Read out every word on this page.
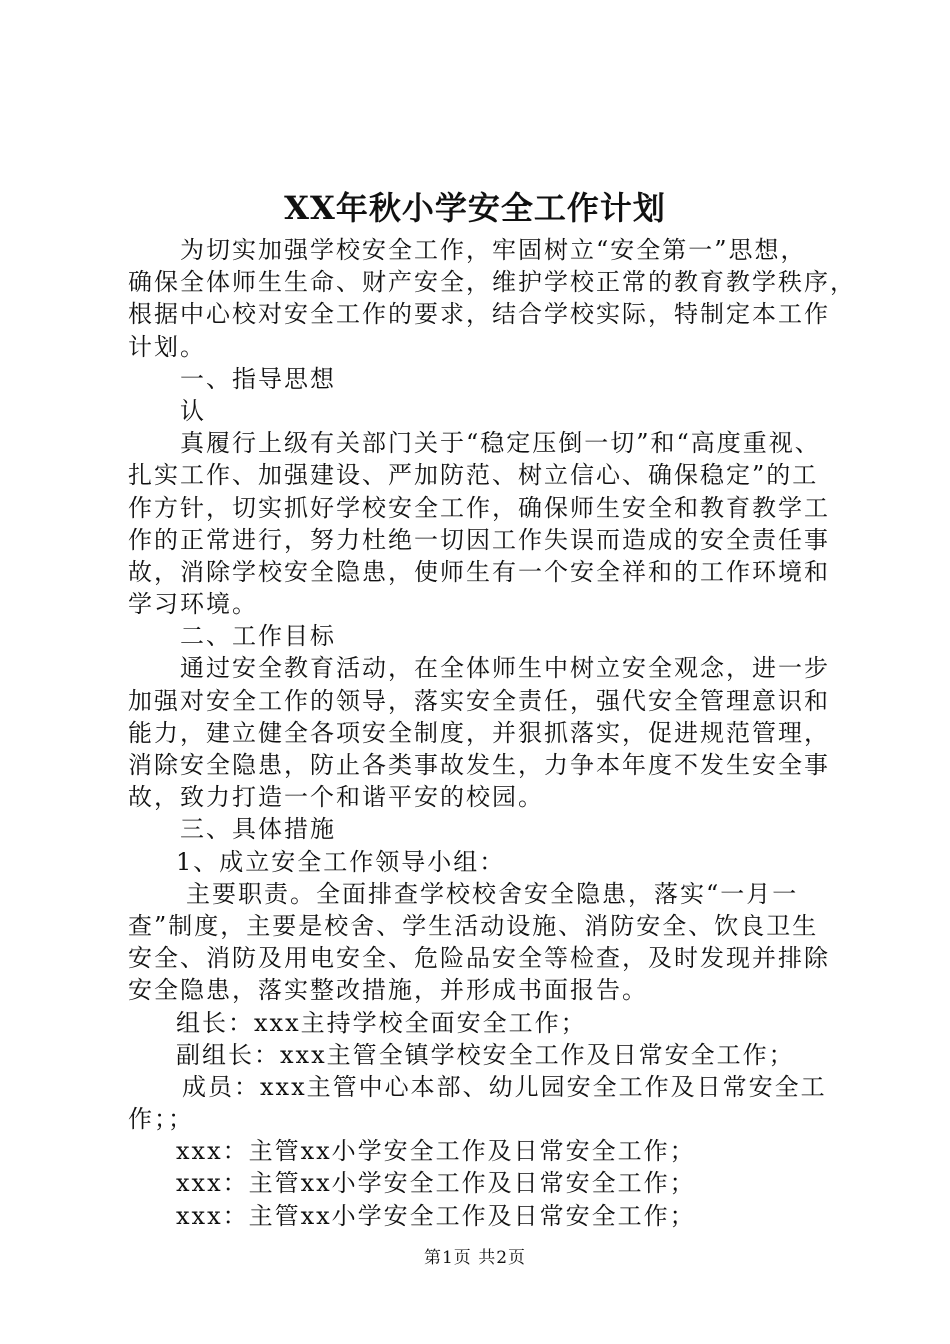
XX年秋小学安全工作计划
为切实加强学校安全工作，牢固树立“安全第一”思想，
确保全体师生生命、财产安全，维护学校正常的教育教学秩序，
根据中心校对安全工作的要求，结合学校实际，特制定本工作
计划。
一、指导思想
认
真履行上级有关部门关于“稳定压倒一切”和“高度重视、
扎实工作、加强建设、严加防范、树立信心、确保稳定”的工
作方针，切实抓好学校安全工作，确保师生安全和教育教学工
作的正常进行，努力杜绝一切因工作失误而造成的安全责任事
故，消除学校安全隐患，使师生有一个安全祥和的工作环境和
学习环境。
二、工作目标
通过安全教育活动，在全体师生中树立安全观念，进一步
加强对安全工作的领导，落实安全责任，强代安全管理意识和
能力，建立健全各项安全制度，并狠抓落实，促进规范管理，
消除安全隐患，防止各类事故发生，力争本年度不发生安全事
故，致力打造一个和谐平安的校园。
三、具体措施
1、成立安全工作领导小组：
主要职责。全面排查学校校舍安全隐患，落实“一月一
查”制度，主要是校舍、学生活动设施、消防安全、饮良卫生
安全、消防及用电安全、危险品安全等检查，及时发现并排除
安全隐患，落实整改措施，并形成书面报告。
组长：xxx主持学校全面安全工作；
副组长：xxx主管全镇学校安全工作及日常安全工作；
成员：xxx主管中心本部、幼儿园安全工作及日常安全工
作；；
xxx：主管xx小学安全工作及日常安全工作；
xxx：主管xx小学安全工作及日常安全工作；
xxx：主管xx小学安全工作及日常安全工作；
第1页 共2页
